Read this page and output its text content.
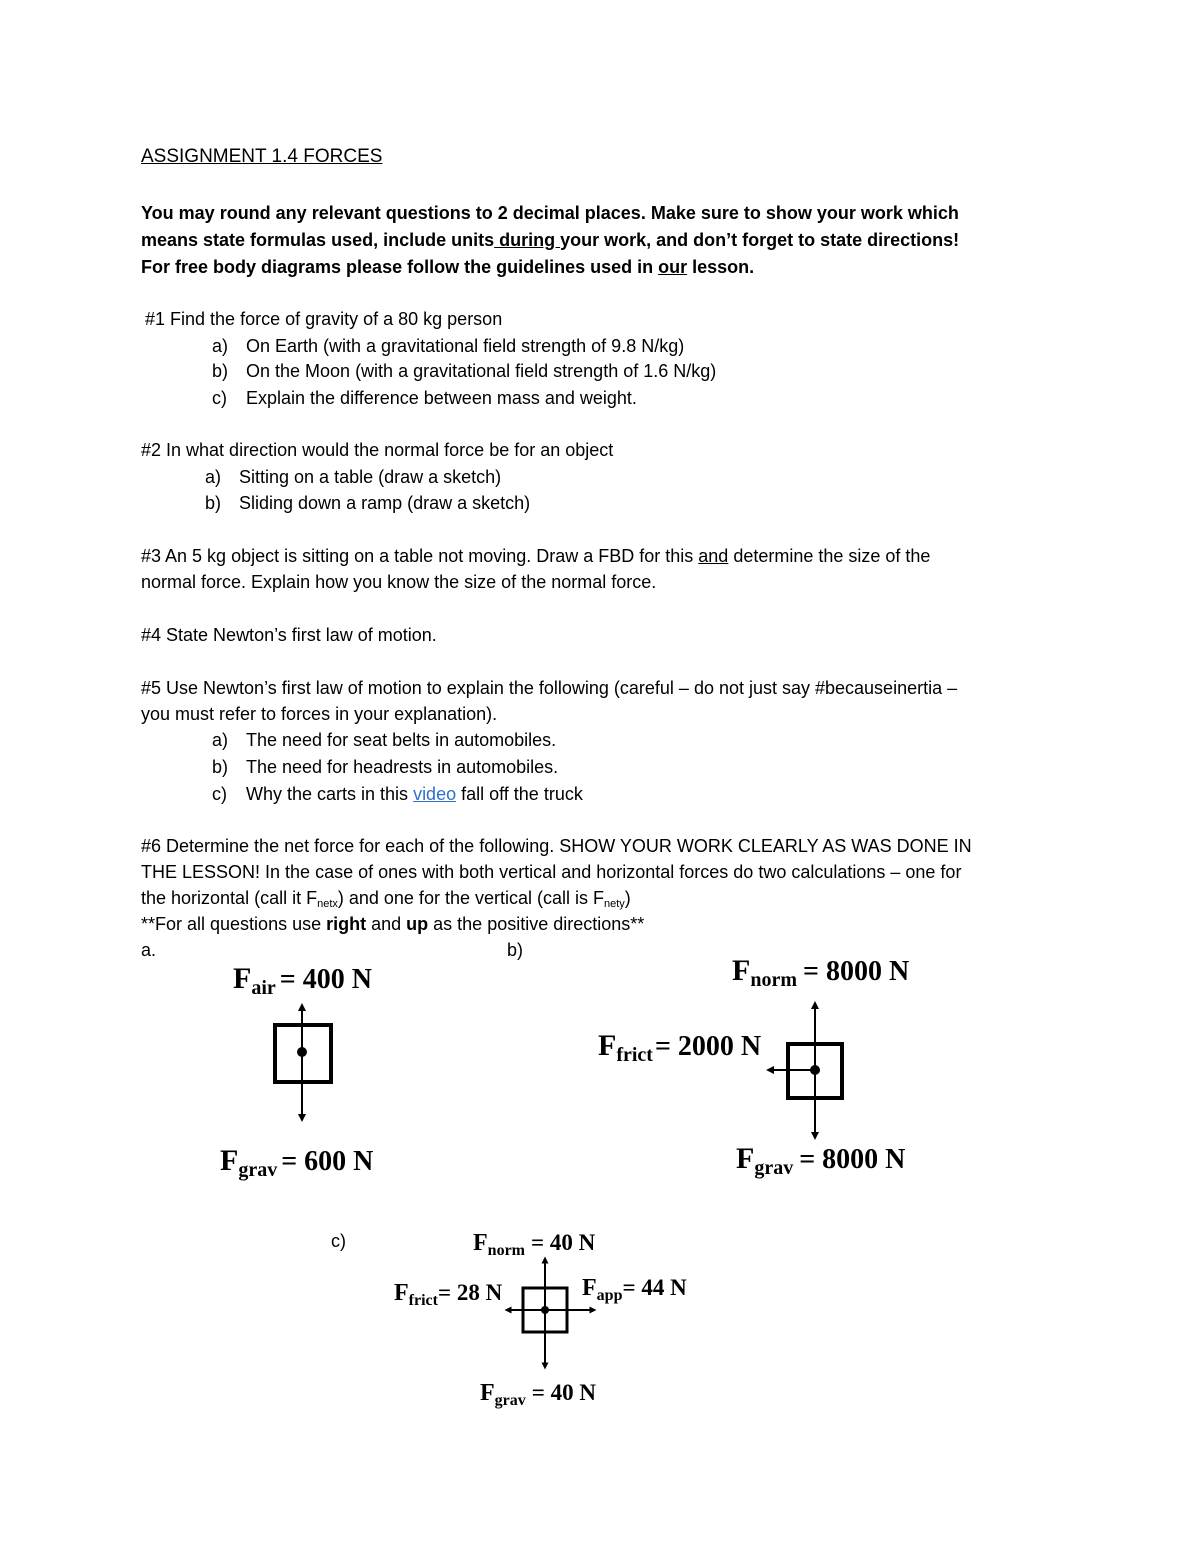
ASSIGNMENT 1.4 FORCES
You may round any relevant questions to 2 decimal places. Make sure to show your work which
means state formulas used, include units during your work, and don’t forget to state directions!
For free body diagrams please follow the guidelines used in our lesson.
#1 Find the force of gravity of a 80 kg person
a) On Earth (with a gravitational field strength of 9.8 N/kg)
b) On the Moon (with a gravitational field strength of 1.6 N/kg)
c) Explain the difference between mass and weight.
#2 In what direction would the normal force be for an object
a) Sitting on a table (draw a sketch)
b) Sliding down a ramp (draw a sketch)
#3 An 5 kg object is sitting on a table not moving. Draw a FBD for this and determine the size of the
normal force. Explain how you know the size of the normal force.
#4 State Newton’s first law of motion.
#5 Use Newton’s first law of motion to explain the following (careful – do not just say #becauseinertia –
you must refer to forces in your explanation).
a) The need for seat belts in automobiles.
b) The need for headrests in automobiles.
c) Why the carts in this video fall off the truck
#6 Determine the net force for each of the following. SHOW YOUR WORK CLEARLY AS WAS DONE IN
THE LESSON! In the case of ones with both vertical and horizontal forces do two calculations – one for
the horizontal (call it $F_{netx}$) and one for the vertical (call is $F_{nety}$)
**For all questions use right and up as the positive directions**
a.	b)
c)
$F_{air} = 400$ N
$F_{grav} = 600$ N
$F_{norm} = 8000$ N
$F_{frict}= 2000$ N
$F_{grav} = 8000$ N
$F_{norm} = 40$ N
$F_{frict}= 28$ N	$F_{app}= 44$ N
$F_{grav} = 40$ N
